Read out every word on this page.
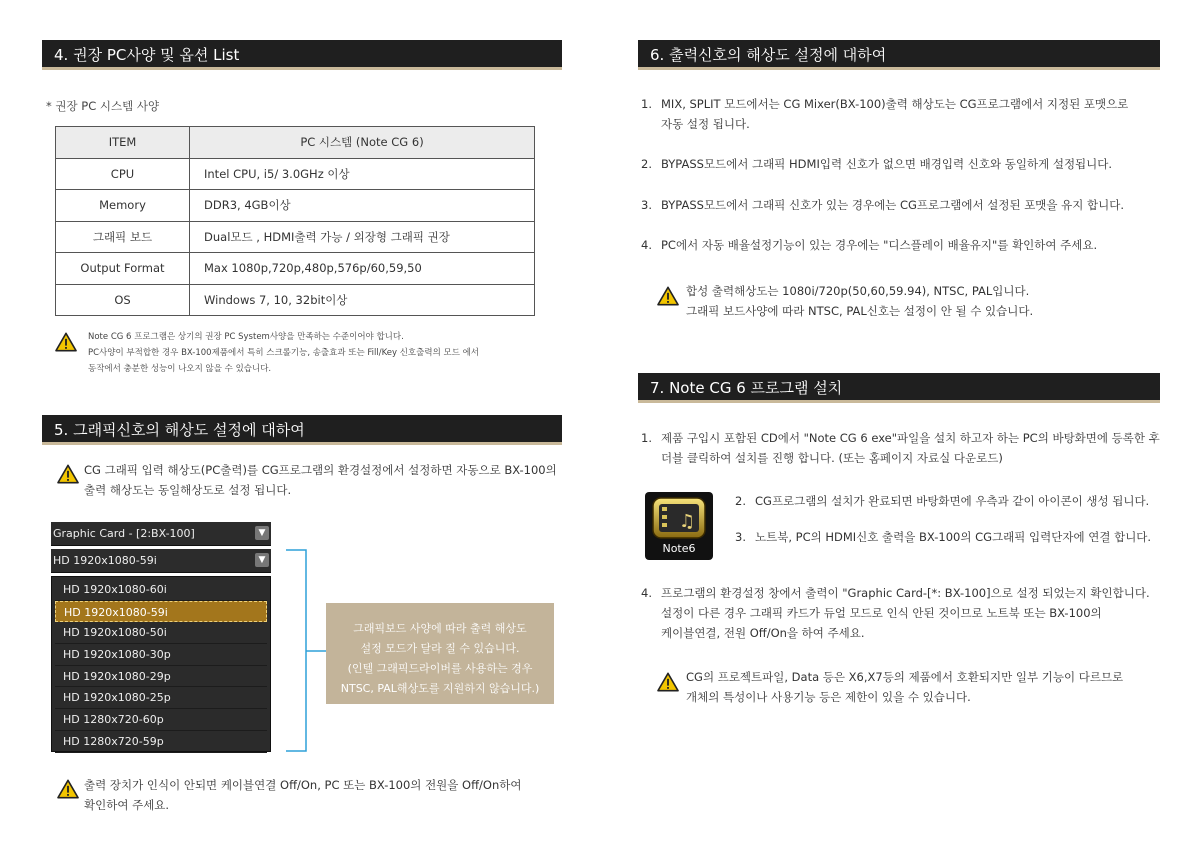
4. 권장 PC사양 및 옵션 List
* 권장 PC 시스템 사양
ITEM	PC 시스템 (Note CG 6)
CPU	Intel CPU, i5/ 3.0GHz 이상
Memory	DDR3, 4GB이상
그래픽 보드	Dual모드 , HDMI출력 가능 / 외장형 그래픽 권장
Output Format	Max 1080p,720p,480p,576p/60,59,50
OS	Windows 7, 10, 32bit이상
Note CG 6 프로그램은 상기의 권장 PC System사양을 만족하는 수준이어야 합니다.
PC사양이 부적합한 경우 BX-100제품에서 특히 스크롤기능, 송출효과 또는 Fill/Key 신호출력의 모드 에서
동작에서 충분한 성능이 나오지 않을 수 있습니다.
5. 그래픽신호의 해상도 설정에 대하여
CG 그래픽 입력 해상도(PC출력)를 CG프로그램의 환경설정에서 설정하면 자동으로 BX-100의
출력 해상도는 동일해상도로 설정 됩니다.
Graphic Card - [2:BX-100]	▼
HD 1920x1080-59i	▼
HD 1920x1080-60i
HD 1920x1080-59i
HD 1920x1080-50i
HD 1920x1080-30p
HD 1920x1080-29p
HD 1920x1080-25p
HD 1280x720-60p
HD 1280x720-59p
그래픽보드 사양에 따라 출력 해상도
설정 모드가 달라 질 수 있습니다.
(인텔 그래픽드라이버를 사용하는 경우
NTSC, PAL해상도를 지원하지 않습니다.)
출력 장치가 인식이 안되면 케이블연결 Off/On, PC 또는 BX-100의 전원을 Off/On하여
확인하여 주세요.
6. 출력신호의 해상도 설정에 대하여
1. MIX, SPLIT 모드에서는 CG Mixer(BX-100)출력 해상도는 CG프로그램에서 지정된 포맷으로
자동 설정 됩니다.
2. BYPASS모드에서 그래픽 HDMI입력 신호가 없으면 배경입력 신호와 동일하게 설정됩니다.
3. BYPASS모드에서 그래픽 신호가 있는 경우에는 CG프로그램에서 설정된 포맷을 유지 합니다.
4. PC에서 자동 배율설정기능이 있는 경우에는 "디스플레이 배율유지"를 확인하여 주세요.
합성 출력해상도는 1080i/720p(50,60,59.94), NTSC, PAL입니다.
그래픽 보드사양에 따라 NTSC, PAL신호는 설정이 안 될 수 있습니다.
7. Note CG 6 프로그램 설치
1. 제품 구입시 포함된 CD에서 "Note CG 6 exe"파일을 설치 하고자 하는 PC의 바탕화면에 등록한 후
더블 클릭하여 설치를 진행 합니다. (또는 홈페이지 자료실 다운로드)
♫
Note6
2. CG프로그램의 설치가 완료되면 바탕화면에 우측과 같이 아이콘이 생성 됩니다.
3. 노트북, PC의 HDMI신호 출력을 BX-100의 CG그래픽 입력단자에 연결 합니다.
4. 프로그램의 환경설정 창에서 출력이 "Graphic Card-[*: BX-100]으로 설정 되었는지 확인합니다.
설정이 다른 경우 그래픽 카드가 듀얼 모드로 인식 안된 것이므로 노트북 또는 BX-100의
케이블연결, 전원 Off/On을 하여 주세요.
CG의 프로젝트파일, Data 등은 X6,X7등의 제품에서 호환되지만 일부 기능이 다르므로
개체의 특성이나 사용기능 등은 제한이 있을 수 있습니다.
